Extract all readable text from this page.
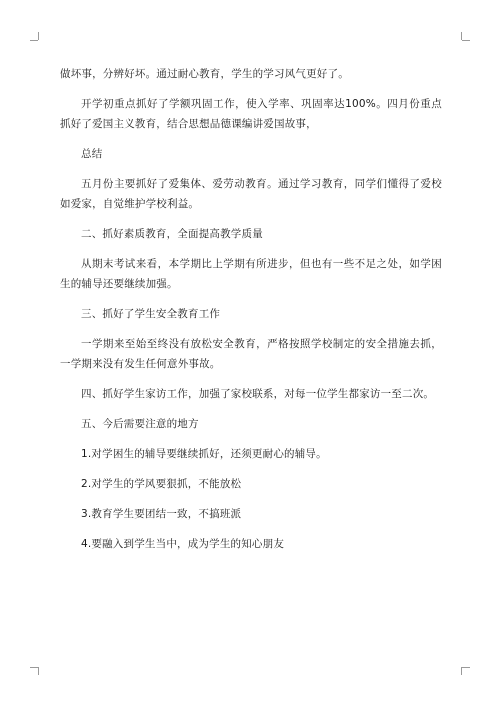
做坏事，分辨好坏。通过耐心教育，学生的学习风气更好了。

开学初重点抓好了学额巩固工作，使入学率、巩固率达100%。四月份重点抓好了爱国主义教育，结合思想品德课编讲爱国故事，

总结

五月份主要抓好了爱集体、爱劳动教育。通过学习教育，同学们懂得了爱校如爱家，自觉维护学校利益。

二、抓好素质教育，全面提高教学质量

从期末考试来看，本学期比上学期有所进步，但也有一些不足之处，如学困生的辅导还要继续加强。

三、抓好了学生安全教育工作

一学期来至始至终没有放松安全教育，严格按照学校制定的安全措施去抓，一学期来没有发生任何意外事故。

四、抓好学生家访工作，加强了家校联系，对每一位学生都家访一至二次。

五、今后需要注意的地方

1.对学困生的辅导要继续抓好，还须更耐心的辅导。

2.对学生的学风要狠抓，不能放松

3.教育学生要团结一致，不搞班派

4.要融入到学生当中，成为学生的知心朋友
